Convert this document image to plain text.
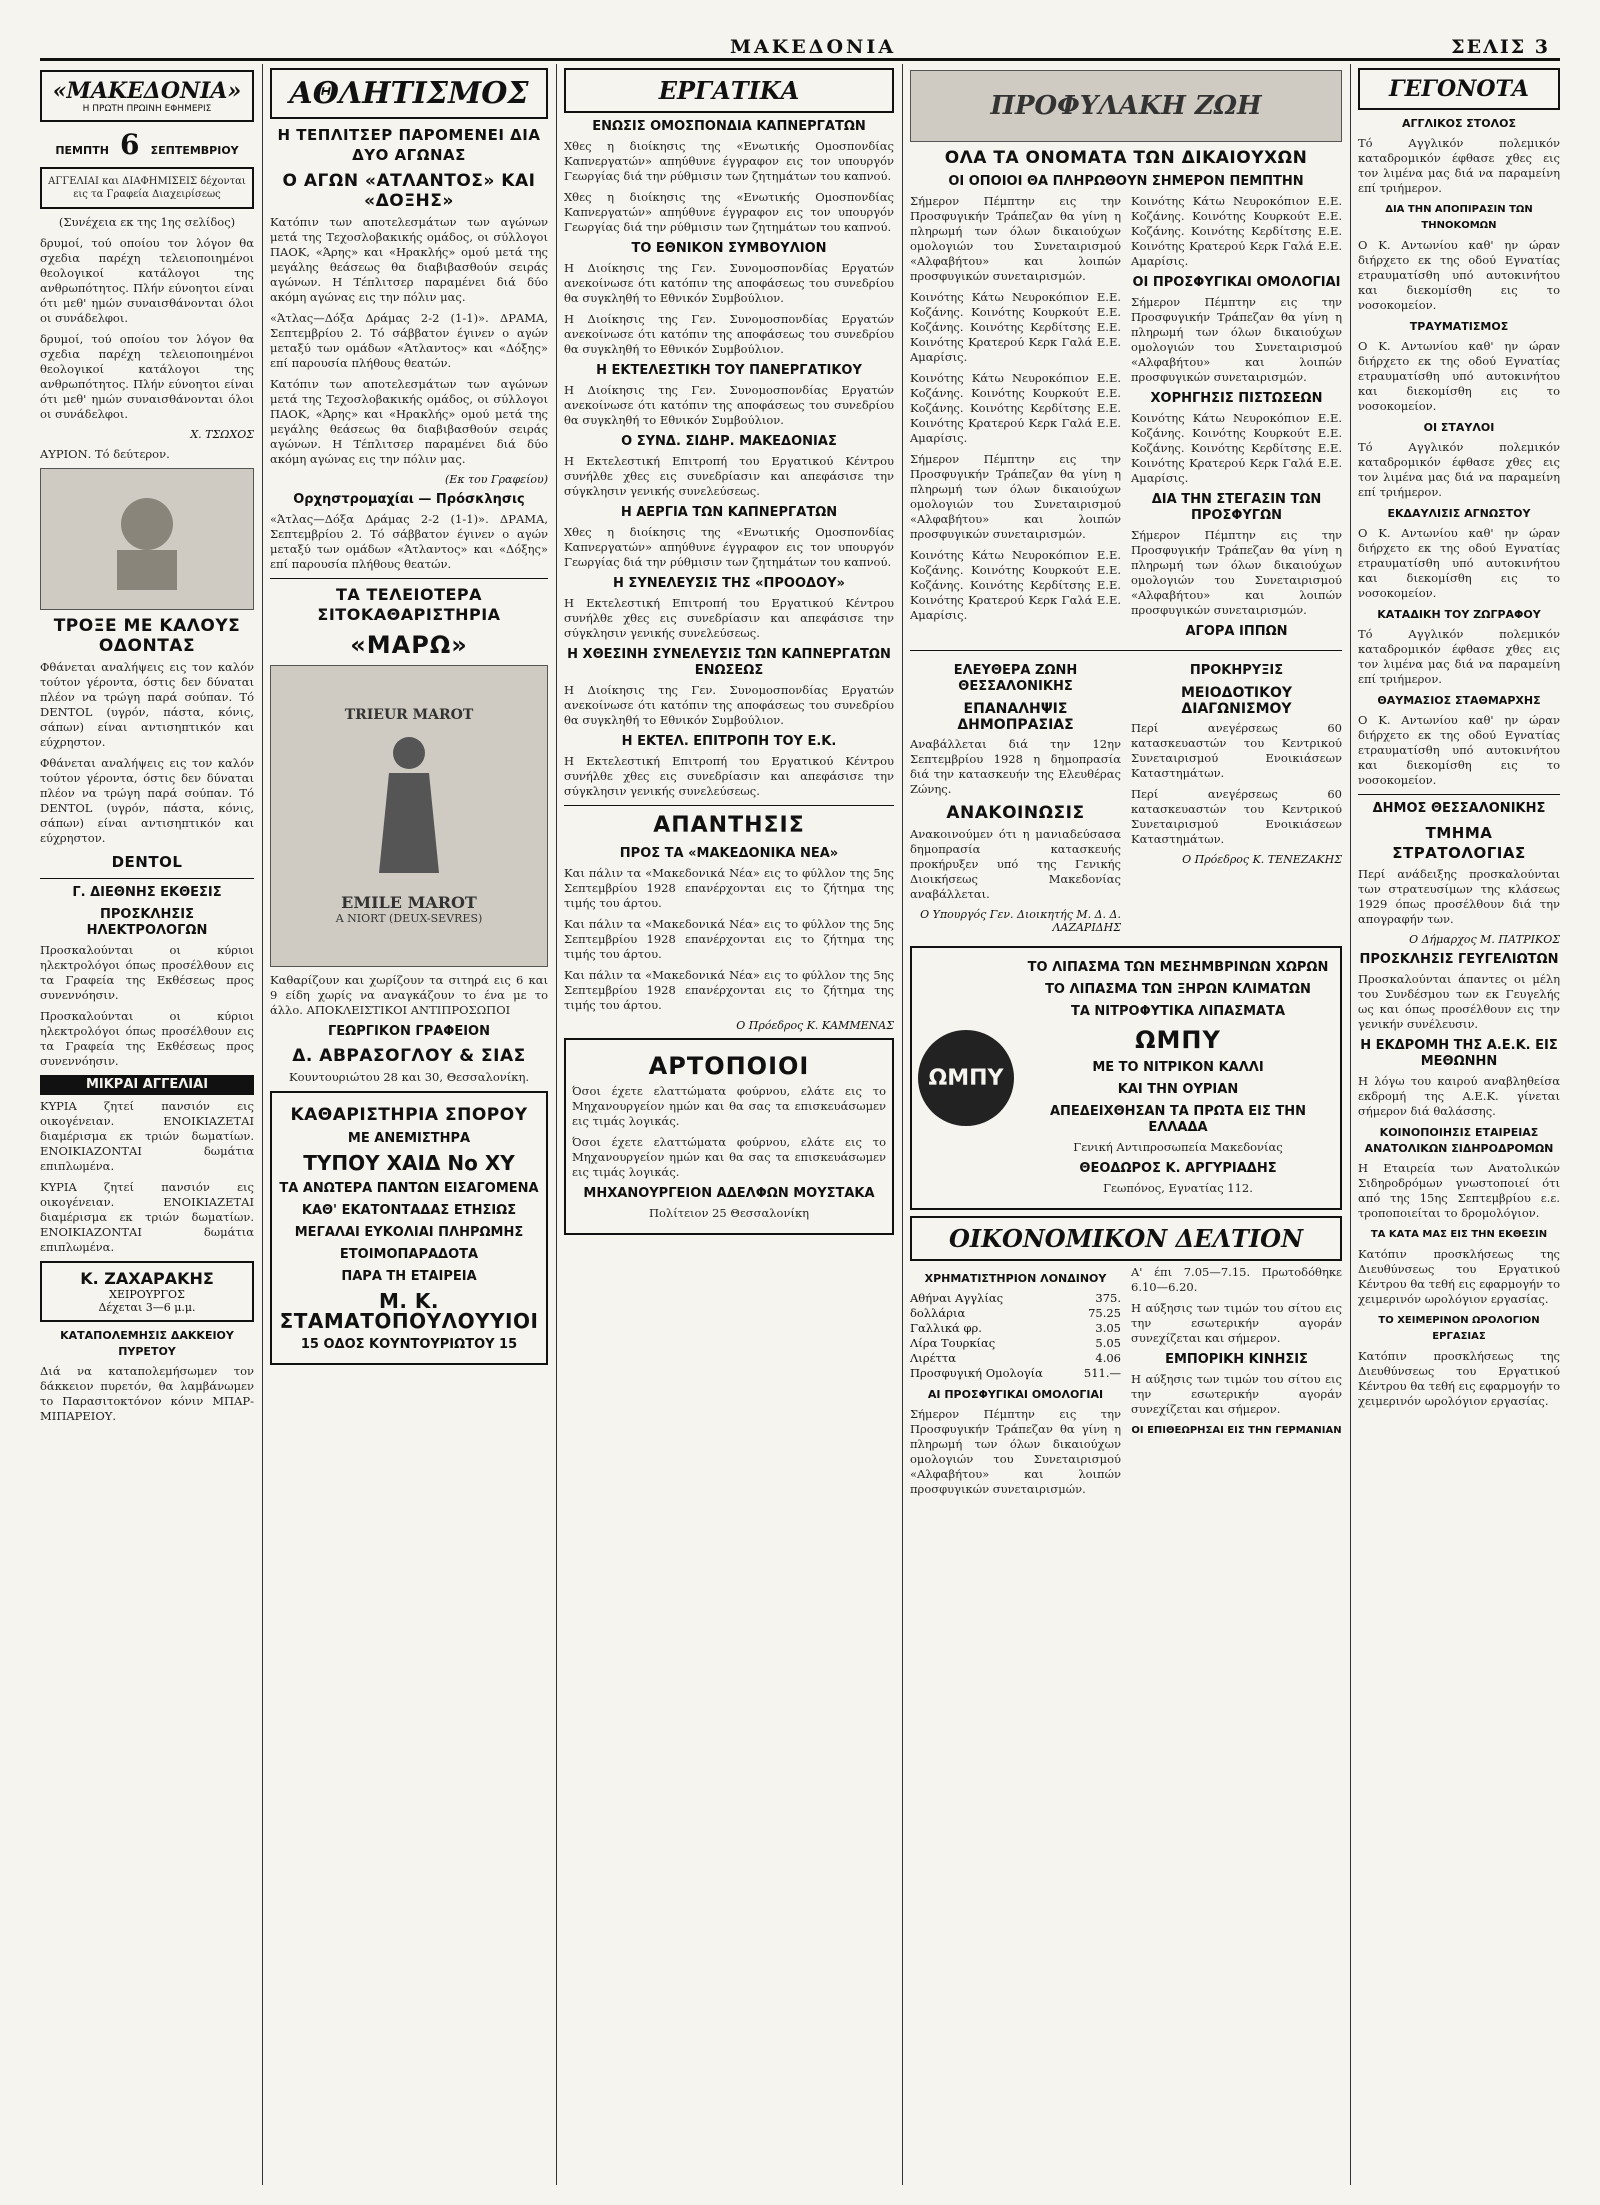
ΜΑΚΕΔΟΝΙΑ	ΣΕΛΙΣ 3
«ΜΑΚΕΔΟΝΙΑ»
Η ΠΡΩΤΗ ΠΡΩΙΝΗ ΕΦΗΜΕΡΙΣ
ΠΕΜΠΤΗ 6 ΣΕΠΤΕΜΒΡΙΟΥ
ΑΓΓΕΛΙΑΙ και ΔΙΑΦΗΜΙΣΕΙΣ δέχονται εις τα Γραφεία Διαχειρίσεως

(Συνέχεια εκ της 1ης σελίδος)

δρυμοί, τού οποίου τον λόγον θα σχεδια παρέχη τελειοποιημένοι θεολογικοί κατάλογοι της ανθρωπότητος. Πλήν εύνοητοι είναι ότι μεθ' ημών συναισθάνονται όλοι οι συνάδελφοι.

δρυμοί, τού οποίου τον λόγον θα σχεδια παρέχη τελειοποιημένοι θεολογικοί κατάλογοι της ανθρωπότητος. Πλήν εύνοητοι είναι ότι μεθ' ημών συναισθάνονται όλοι οι συνάδελφοι.

Χ. ΤΣΩΧΟΣ

ΑΥΡΙΟΝ. Τό δεύτερον.

ΤΡΟΞΕ ΜΕ ΚΑΛΟΥΣ ΟΔΟΝΤΑΣ

Φθάνεται αναλήψεις εις τον καλόν τούτον γέροντα, όστις δεν δύναται πλέον να τρώγη παρά σούπαν. Τό DENTOL (υγρόν, πάστα, κόνις, σάπων) είναι αντισηπτικόν και εύχρηστον.

Φθάνεται αναλήψεις εις τον καλόν τούτον γέροντα, όστις δεν δύναται πλέον να τρώγη παρά σούπαν. Τό DENTOL (υγρόν, πάστα, κόνις, σάπων) είναι αντισηπτικόν και εύχρηστον.

DENTOL
Γ. ΔΙΕΘΝΗΣ ΕΚΘΕΣΙΣ
ΠΡΟΣΚΛΗΣΙΣ ΗΛΕΚΤΡΟΛΟΓΩΝ

Προσκαλούνται οι κύριοι ηλεκτρολόγοι όπως προσέλθουν εις τα Γραφεία της Εκθέσεως προς συνεννόησιν.

Προσκαλούνται οι κύριοι ηλεκτρολόγοι όπως προσέλθουν εις τα Γραφεία της Εκθέσεως προς συνεννόησιν.

ΜΙΚΡΑΙ ΑΓΓΕΛΙΑΙ

ΚΥΡΙΑ ζητεί πανσιόν εις οικογένειαν. ΕΝΟΙΚΙΑΖΕΤΑΙ διαμέρισμα εκ τριών δωματίων. ΕΝΟΙΚΙΑΖΟΝΤΑΙ δωμάτια επιπλωμένα.

ΚΥΡΙΑ ζητεί πανσιόν εις οικογένειαν. ΕΝΟΙΚΙΑΖΕΤΑΙ διαμέρισμα εκ τριών δωματίων. ΕΝΟΙΚΙΑΖΟΝΤΑΙ δωμάτια επιπλωμένα.

Κ. ΖΑΧΑΡΑΚΗΣ
ΧΕΙΡΟΥΡΓΟΣ
Δέχεται 3—6 μ.μ.
ΚΑΤΑΠΟΛΕΜΗΣΙΣ ΔΑΚΚΕΙΟΥ ΠΥΡΕΤΟΥ

Διά να καταπολεμήσωμεν τον δάκκειον πυρετόν, θα λαμβάνωμεν το Παρασιτοκτόνον κόνιν ΜΠΑΡ-ΜΙΠΑΡΕΙΟΥ.

ΑΘΛΗΤΙΣΜΟΣ
Η ΤΕΠΛΙΤΣΕΡ ΠΑΡΟΜΕΝΕΙ ΔΙΑ ΔΥΟ ΑΓΩΝΑΣ
Ο ΑΓΩΝ «ΑΤΛΑΝΤΟΣ» ΚΑΙ «ΔΟΞΗΣ»

Κατόπιν των αποτελεσμάτων των αγώνων μετά της Τεχοσλοβακικής ομάδος, οι σύλλογοι ΠΑΟΚ, «Άρης» και «Ηρακλής» ομού μετά της μεγάλης θεάσεως θα διαβιβασθούν σειράς αγώνων. Η Τέπλιτσερ παραμένει διά δύο ακόμη αγώνας εις την πόλιν μας.

«Άτλας—Δόξα Δράμας 2-2 (1-1)». ΔΡΑΜΑ, Σεπτεμβρίου 2. Τό σάββατον έγινεν ο αγών μεταξύ των ομάδων «Άτλαντος» και «Δόξης» επί παρουσία πλήθους θεατών.

Κατόπιν των αποτελεσμάτων των αγώνων μετά της Τεχοσλοβακικής ομάδος, οι σύλλογοι ΠΑΟΚ, «Άρης» και «Ηρακλής» ομού μετά της μεγάλης θεάσεως θα διαβιβασθούν σειράς αγώνων. Η Τέπλιτσερ παραμένει διά δύο ακόμη αγώνας εις την πόλιν μας.

(Εκ του Γραφείου)

Ορχηστρομαχίαι — Πρόσκλησις

«Άτλας—Δόξα Δράμας 2-2 (1-1)». ΔΡΑΜΑ, Σεπτεμβρίου 2. Τό σάββατον έγινεν ο αγών μεταξύ των ομάδων «Άτλαντος» και «Δόξης» επί παρουσία πλήθους θεατών.

ΤΑ ΤΕΛΕΙΟΤΕΡΑ ΣΙΤΟΚΑΘΑΡΙΣΤΗΡΙΑ
«ΜΑΡΩ»
TRIEUR MAROT
EMILE MAROT
A NIORT (DEUX-SEVRES)

Καθαρίζουν και χωρίζουν τα σιτηρά εις 6 και 9 είδη χωρίς να αναγκάζουν το ένα με το άλλο. ΑΠΟΚΛΕΙΣΤΙΚΟΙ ΑΝΤΙΠΡΟΣΩΠΟΙ

ΓΕΩΡΓΙΚΟΝ ΓΡΑΦΕΙΟΝ
Δ. ΑΒΡΑΣΟΓΛΟΥ & ΣΙΑΣ
Κουντουριώτου 28 και 30, Θεσσαλονίκη.
ΚΑΘΑΡΙΣΤΗΡΙΑ ΣΠΟΡΟΥ
ΜΕ ΑΝΕΜΙΣΤΗΡΑ
ΤΥΠΟΥ ΧΑΙΔ Νο ΧΥ
ΤΑ ΑΝΩΤΕΡΑ ΠΑΝΤΩΝ ΕΙΣΑΓΟΜΕΝΑ
ΚΑΘ' ΕΚΑΤΟΝΤΑΔΑΣ ΕΤΗΣΙΩΣ
ΜΕΓΑΛΑΙ ΕΥΚΟΛΙΑΙ ΠΛΗΡΩΜΗΣ
ΕΤΟΙΜΟΠΑΡΑΔΟΤΑ
ΠΑΡΑ ΤΗ ΕΤΑΙΡΕΙΑ
Μ. Κ. ΣΤΑΜΑΤΟΠΟΥΛΟΥΥΙΟΙ
15 ΟΔΟΣ ΚΟΥΝΤΟΥΡΙΩΤΟΥ 15
ΕΡΓΑΤΙΚΑ
ΕΝΩΣΙΣ ΟΜΟΣΠΟΝΔΙΑ ΚΑΠΝΕΡΓΑΤΩΝ

Χθες η διοίκησις της «Ενωτικής Ομοσπονδίας Καπνεργατών» απηύθυνε έγγραφον εις τον υπουργόν Γεωργίας διά την ρύθμισιν των ζητημάτων του καπνού.

Χθες η διοίκησις της «Ενωτικής Ομοσπονδίας Καπνεργατών» απηύθυνε έγγραφον εις τον υπουργόν Γεωργίας διά την ρύθμισιν των ζητημάτων του καπνού.

ΤΟ ΕΘΝΙΚΟΝ ΣΥΜΒΟΥΛΙΟΝ

Η Διοίκησις της Γεν. Συνομοσπονδίας Εργατών ανεκοίνωσε ότι κατόπιν της αποφάσεως του συνεδρίου θα συγκληθή το Εθνικόν Συμβούλιον.

Η Διοίκησις της Γεν. Συνομοσπονδίας Εργατών ανεκοίνωσε ότι κατόπιν της αποφάσεως του συνεδρίου θα συγκληθή το Εθνικόν Συμβούλιον.

Η ΕΚΤΕΛΕΣΤΙΚΗ ΤΟΥ ΠΑΝΕΡΓΑΤΙΚΟΥ

Η Διοίκησις της Γεν. Συνομοσπονδίας Εργατών ανεκοίνωσε ότι κατόπιν της αποφάσεως του συνεδρίου θα συγκληθή το Εθνικόν Συμβούλιον.

Ο ΣΥΝΔ. ΣΙΔΗΡ. ΜΑΚΕΔΟΝΙΑΣ

Η Εκτελεστική Επιτροπή του Εργατικού Κέντρου συνήλθε χθες εις συνεδρίασιν και απεφάσισε την σύγκλησιν γενικής συνελεύσεως.

Η ΑΕΡΓΙΑ ΤΩΝ ΚΑΠΝΕΡΓΑΤΩΝ

Χθες η διοίκησις της «Ενωτικής Ομοσπονδίας Καπνεργατών» απηύθυνε έγγραφον εις τον υπουργόν Γεωργίας διά την ρύθμισιν των ζητημάτων του καπνού.

Η ΣΥΝΕΛΕΥΣΙΣ ΤΗΣ «ΠΡΟΟΔΟΥ»

Η Εκτελεστική Επιτροπή του Εργατικού Κέντρου συνήλθε χθες εις συνεδρίασιν και απεφάσισε την σύγκλησιν γενικής συνελεύσεως.

Η ΧΘΕΣΙΝΗ ΣΥΝΕΛΕΥΣΙΣ ΤΩΝ ΚΑΠΝΕΡΓΑΤΩΝ ΕΝΩΣΕΩΣ

Η Διοίκησις της Γεν. Συνομοσπονδίας Εργατών ανεκοίνωσε ότι κατόπιν της αποφάσεως του συνεδρίου θα συγκληθή το Εθνικόν Συμβούλιον.

Η ΕΚΤΕΛ. ΕΠΙΤΡΟΠΗ ΤΟΥ Ε.Κ.

Η Εκτελεστική Επιτροπή του Εργατικού Κέντρου συνήλθε χθες εις συνεδρίασιν και απεφάσισε την σύγκλησιν γενικής συνελεύσεως.

ΑΠΑΝΤΗΣΙΣ
ΠΡΟΣ ΤΑ «ΜΑΚΕΔΟΝΙΚΑ ΝΕΑ»

Και πάλιν τα «Μακεδονικά Νέα» εις το φύλλον της 5ης Σεπτεμβρίου 1928 επανέρχονται εις το ζήτημα της τιμής του άρτου.

Και πάλιν τα «Μακεδονικά Νέα» εις το φύλλον της 5ης Σεπτεμβρίου 1928 επανέρχονται εις το ζήτημα της τιμής του άρτου.

Και πάλιν τα «Μακεδονικά Νέα» εις το φύλλον της 5ης Σεπτεμβρίου 1928 επανέρχονται εις το ζήτημα της τιμής του άρτου.

Ο Πρόεδρος Κ. ΚΑΜΜΕΝΑΣ

ΑΡΤΟΠΟΙΟΙ

Όσοι έχετε ελαττώματα φούρνου, ελάτε εις το Μηχανουργείον ημών και θα σας τα επισκευάσωμεν εις τιμάς λογικάς.

Όσοι έχετε ελαττώματα φούρνου, ελάτε εις το Μηχανουργείον ημών και θα σας τα επισκευάσωμεν εις τιμάς λογικάς.

ΜΗΧΑΝΟΥΡΓΕΙΟΝ ΑΔΕΛΦΩΝ ΜΟΥΣΤΑΚΑ
Πολίτειον 25 Θεσσαλονίκη
ΠΡΟΦΥΛΑΚΗ ΖΩΗ
ΟΛΑ ΤΑ ΟΝΟΜΑΤΑ ΤΩΝ ΔΙΚΑΙΟΥΧΩΝ
ΟΙ ΟΠΟΙΟΙ ΘΑ ΠΛΗΡΩΘΟΥΝ ΣΗΜΕΡΟΝ ΠΕΜΠΤΗΝ

Σήμερον Πέμπτην εις την Προσφυγικήν Τράπεζαν θα γίνη η πληρωμή των όλων δικαιούχων ομολογιών του Συνεταιρισμού «Αλφαβήτου» και λοιπών προσφυγικών συνεταιρισμών.

Κοινότης Κάτω Νευροκόπιον Ε.Ε. Κοζάνης. Κοινότης Κουρκούτ Ε.Ε. Κοζάνης. Κοινότης Κερδίτσης Ε.Ε. Κοινότης Κρατερού Κερκ Γαλά Ε.Ε. Αμαρίσις.

Κοινότης Κάτω Νευροκόπιον Ε.Ε. Κοζάνης. Κοινότης Κουρκούτ Ε.Ε. Κοζάνης. Κοινότης Κερδίτσης Ε.Ε. Κοινότης Κρατερού Κερκ Γαλά Ε.Ε. Αμαρίσις.

Σήμερον Πέμπτην εις την Προσφυγικήν Τράπεζαν θα γίνη η πληρωμή των όλων δικαιούχων ομολογιών του Συνεταιρισμού «Αλφαβήτου» και λοιπών προσφυγικών συνεταιρισμών.

Κοινότης Κάτω Νευροκόπιον Ε.Ε. Κοζάνης. Κοινότης Κουρκούτ Ε.Ε. Κοζάνης. Κοινότης Κερδίτσης Ε.Ε. Κοινότης Κρατερού Κερκ Γαλά Ε.Ε. Αμαρίσις.

Κοινότης Κάτω Νευροκόπιον Ε.Ε. Κοζάνης. Κοινότης Κουρκούτ Ε.Ε. Κοζάνης. Κοινότης Κερδίτσης Ε.Ε. Κοινότης Κρατερού Κερκ Γαλά Ε.Ε. Αμαρίσις.

ΟΙ ΠΡΟΣΦΥΓΙΚΑΙ ΟΜΟΛΟΓΙΑΙ

Σήμερον Πέμπτην εις την Προσφυγικήν Τράπεζαν θα γίνη η πληρωμή των όλων δικαιούχων ομολογιών του Συνεταιρισμού «Αλφαβήτου» και λοιπών προσφυγικών συνεταιρισμών.

ΧΟΡΗΓΗΣΙΣ ΠΙΣΤΩΣΕΩΝ

Κοινότης Κάτω Νευροκόπιον Ε.Ε. Κοζάνης. Κοινότης Κουρκούτ Ε.Ε. Κοζάνης. Κοινότης Κερδίτσης Ε.Ε. Κοινότης Κρατερού Κερκ Γαλά Ε.Ε. Αμαρίσις.

ΔΙΑ ΤΗΝ ΣΤΕΓΑΣΙΝ ΤΩΝ ΠΡΟΣΦΥΓΩΝ

Σήμερον Πέμπτην εις την Προσφυγικήν Τράπεζαν θα γίνη η πληρωμή των όλων δικαιούχων ομολογιών του Συνεταιρισμού «Αλφαβήτου» και λοιπών προσφυγικών συνεταιρισμών.

ΑΓΟΡΑ ΙΠΠΩΝ
ΕΛΕΥΘΕΡΑ ΖΩΝΗ ΘΕΣΣΑΛΟΝΙΚΗΣ
ΕΠΑΝΑΛΗΨΙΣ ΔΗΜΟΠΡΑΣΙΑΣ

Αναβάλλεται διά την 12ην Σεπτεμβρίου 1928 η δημοπρασία διά την κατασκευήν της Ελευθέρας Ζώνης.

ΑΝΑΚΟΙΝΩΣΙΣ

Ανακοινούμεν ότι η μανιαδεύσασα δημοπρασία κατασκευής προκήρυξεν υπό της Γενικής Διοικήσεως Μακεδονίας αναβάλλεται.

Ο Υπουργός Γεν. Διοικητής Μ. Δ. Δ. ΛΑΖΑΡΙΔΗΣ

ΠΡΟΚΗΡΥΞΙΣ
ΜΕΙΟΔΟΤΙΚΟΥ ΔΙΑΓΩΝΙΣΜΟΥ

Περί ανεγέρσεως 60 κατασκευαστών του Κεντρικού Συνεταιρισμού Ενοικιάσεων Καταστημάτων.

Περί ανεγέρσεως 60 κατασκευαστών του Κεντρικού Συνεταιρισμού Ενοικιάσεων Καταστημάτων.

Ο Πρόεδρος Κ. ΤΕΝΕΖΑΚΗΣ

ΩΜΠΥ
ΤΟ ΛΙΠΑΣΜΑ ΤΩΝ ΜΕΣΗΜΒΡΙΝΩΝ ΧΩΡΩΝ
ΤΟ ΛΙΠΑΣΜΑ ΤΩΝ ΞΗΡΩΝ ΚΛΙΜΑΤΩΝ
ΤΑ ΝΙΤΡΟΦΥΤΙΚΑ ΛΙΠΑΣΜΑΤΑ
ΩΜΠΥ
ΜΕ ΤΟ ΝΙΤΡΙΚΟΝ ΚΑΛΛΙ
ΚΑΙ ΤΗΝ ΟΥΡΙΑΝ
ΑΠΕΔΕΙΧΘΗΣΑΝ ΤΑ ΠΡΩΤΑ ΕΙΣ ΤΗΝ ΕΛΛΑΔΑ
Γενική Αντιπροσωπεία Μακεδονίας
ΘΕΟΔΩΡΟΣ Κ. ΑΡΓΥΡΙΑΔΗΣ
Γεωπόνος, Εγνατίας 112.
ΟΙΚΟΝΟΜΙΚΟΝ ΔΕΛΤΙΟΝ
ΧΡΗΜΑΤΙΣΤΗΡΙΟΝ ΛΟΝΔΙΝΟΥ
Αθήναι Αγγλίας	375.
δολλάρια	75.25
Γαλλικά φρ.	3.05
Λίρα Τουρκίας	5.05
Λιρέττα	4.06
Προσφυγική Ομολογία	511.—
ΑΙ ΠΡΟΣΦΥΓΙΚΑΙ ΟΜΟΛΟΓΙΑΙ

Σήμερον Πέμπτην εις την Προσφυγικήν Τράπεζαν θα γίνη η πληρωμή των όλων δικαιούχων ομολογιών του Συνεταιρισμού «Αλφαβήτου» και λοιπών προσφυγικών συνεταιρισμών.

Α' έπι 7.05—7.15. Πρωτοδόθηκε 6.10—6.20.

Η αύξησις των τιμών του σίτου εις την εσωτερικήν αγοράν συνεχίζεται και σήμερον.

ΕΜΠΟΡΙΚΗ ΚΙΝΗΣΙΣ

Η αύξησις των τιμών του σίτου εις την εσωτερικήν αγοράν συνεχίζεται και σήμερον.

ΟΙ ΕΠΙΘΕΩΡΗΣΑΙ ΕΙΣ ΤΗΝ ΓΕΡΜΑΝΙΑΝ
ΓΕΓΟΝΟΤΑ
ΑΓΓΛΙΚΟΣ ΣΤΟΛΟΣ

Τό Αγγλικόν πολεμικόν καταδρομικόν έφθασε χθες εις τον λιμένα μας διά να παραμείνη επί τριήμερον.

ΔΙΑ ΤΗΝ ΑΠΟΠΙΡΑΣΙΝ ΤΩΝ ΤΗΝΟΚΟΜΩΝ

Ο Κ. Αντωνίου καθ' ην ώραν διήρχετο εκ της οδού Εγνατίας ετραυματίσθη υπό αυτοκινήτου και διεκομίσθη εις το νοσοκομείον.

ΤΡΑΥΜΑΤΙΣΜΟΣ

Ο Κ. Αντωνίου καθ' ην ώραν διήρχετο εκ της οδού Εγνατίας ετραυματίσθη υπό αυτοκινήτου και διεκομίσθη εις το νοσοκομείον.

ΟΙ ΣΤΑΥΛΟΙ

Τό Αγγλικόν πολεμικόν καταδρομικόν έφθασε χθες εις τον λιμένα μας διά να παραμείνη επί τριήμερον.

ΕΚΔΑΥΛΙΣΙΣ ΑΓΝΩΣΤΟΥ

Ο Κ. Αντωνίου καθ' ην ώραν διήρχετο εκ της οδού Εγνατίας ετραυματίσθη υπό αυτοκινήτου και διεκομίσθη εις το νοσοκομείον.

ΚΑΤΑΔΙΚΗ ΤΟΥ ΖΩΓΡΑΦΟΥ

Τό Αγγλικόν πολεμικόν καταδρομικόν έφθασε χθες εις τον λιμένα μας διά να παραμείνη επί τριήμερον.

ΘΑΥΜΑΣΙΟΣ ΣΤΑΘΜΑΡΧΗΣ

Ο Κ. Αντωνίου καθ' ην ώραν διήρχετο εκ της οδού Εγνατίας ετραυματίσθη υπό αυτοκινήτου και διεκομίσθη εις το νοσοκομείον.

ΔΗΜΟΣ ΘΕΣΣΑΛΟΝΙΚΗΣ
ΤΜΗΜΑ ΣΤΡΑΤΟΛΟΓΙΑΣ

Περί ανάδειξης προσκαλούνται των στρατευσίμων της κλάσεως 1929 όπως προσέλθουν διά την απογραφήν των.

Ο Δήμαρχος Μ. ΠΑΤΡΙΚΟΣ

ΠΡΟΣΚΛΗΣΙΣ ΓΕΥΓΕΛΙΩΤΩΝ

Προσκαλούνται άπαντες οι μέλη του Συνδέσμου των εκ Γευγελής ως και όπως προσέλθουν εις την γενικήν συνέλευσιν.

Η ΕΚΔΡΟΜΗ ΤΗΣ Α.Ε.Κ. ΕΙΣ ΜΕΘΩΝΗΝ

Η λόγω του καιρού αναβληθείσα εκδρομή της Α.Ε.Κ. γίνεται σήμερον διά θαλάσσης.

ΚΟΙΝΟΠΟΙΗΣΙΣ ΕΤΑΙΡΕΙΑΣ ΑΝΑΤΟΛΙΚΩΝ ΣΙΔΗΡΟΔΡΟΜΩΝ

Η Εταιρεία των Ανατολικών Σιδηροδρόμων γνωστοποιεί ότι από της 15ης Σεπτεμβρίου ε.ε. τροποποιείται το δρομολόγιον.

ΤΑ ΚΑΤΑ ΜΑΣ ΕΙΣ ΤΗΝ ΕΚΘΕΣΙΝ

Κατόπιν προσκλήσεως της Διευθύνσεως του Εργατικού Κέντρου θα τεθή εις εφαρμογήν το χειμερινόν ωρολόγιον εργασίας.

ΤΟ ΧΕΙΜΕΡΙΝΟΝ ΩΡΟΛΟΓΙΟΝ ΕΡΓΑΣΙΑΣ

Κατόπιν προσκλήσεως της Διευθύνσεως του Εργατικού Κέντρου θα τεθή εις εφαρμογήν το χειμερινόν ωρολόγιον εργασίας.
